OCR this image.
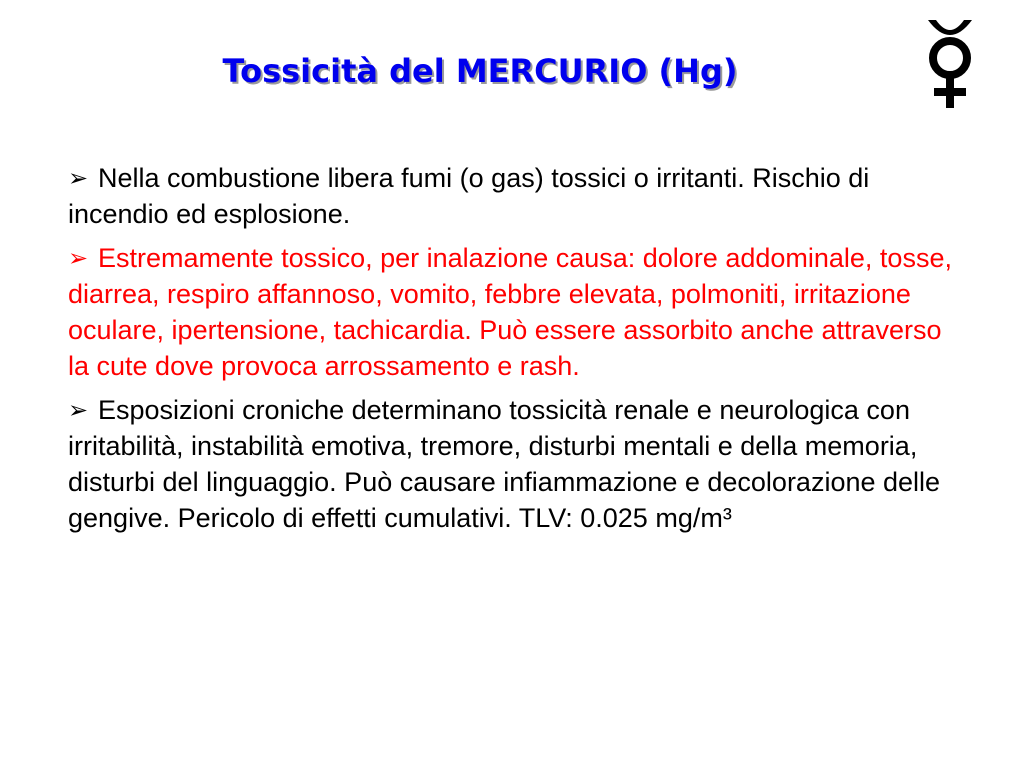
Tossicità del MERCURIO (Hg)

➢ Nella combustione libera fumi (o gas) tossici o irritanti. Rischio di incendio ed esplosione.

➢ Estremamente tossico, per inalazione causa: dolore addominale, tosse, diarrea, respiro affannoso, vomito, febbre elevata, polmoniti, irritazione oculare, ipertensione, tachicardia. Può essere assorbito anche attraverso la cute dove provoca arrossamento e rash.

➢ Esposizioni croniche determinano tossicità renale e neurologica con irritabilità, instabilità emotiva, tremore, disturbi mentali e della memoria, disturbi del linguaggio. Può causare infiammazione e decolorazione delle gengive. Pericolo di effetti cumulativi. TLV: 0.025 mg/m³
